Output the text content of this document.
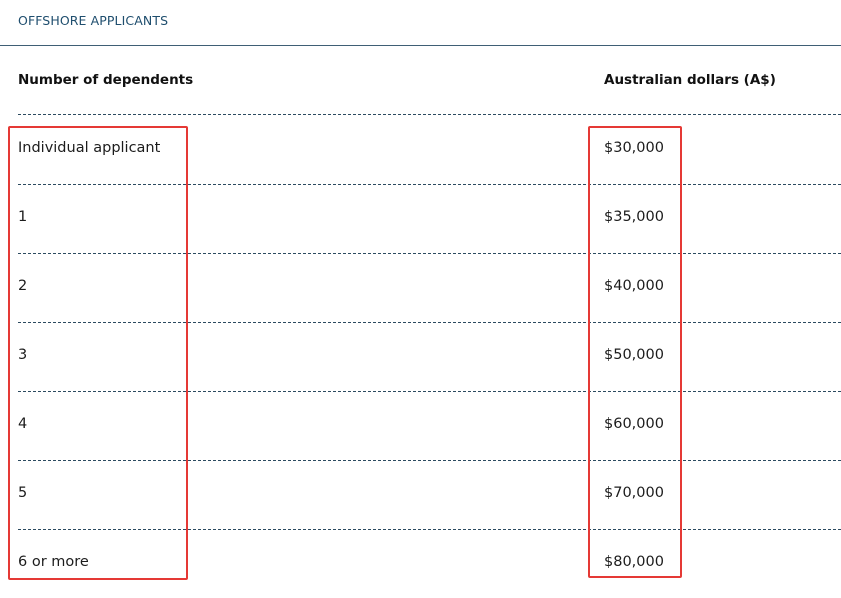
OFFSHORE APPLICANTS
Number of dependents	Australian dollars (A$)
Individual applicant	$30,000
1	$35,000
2	$40,000
3	$50,000
4	$60,000
5	$70,000
6 or more	$80,000
